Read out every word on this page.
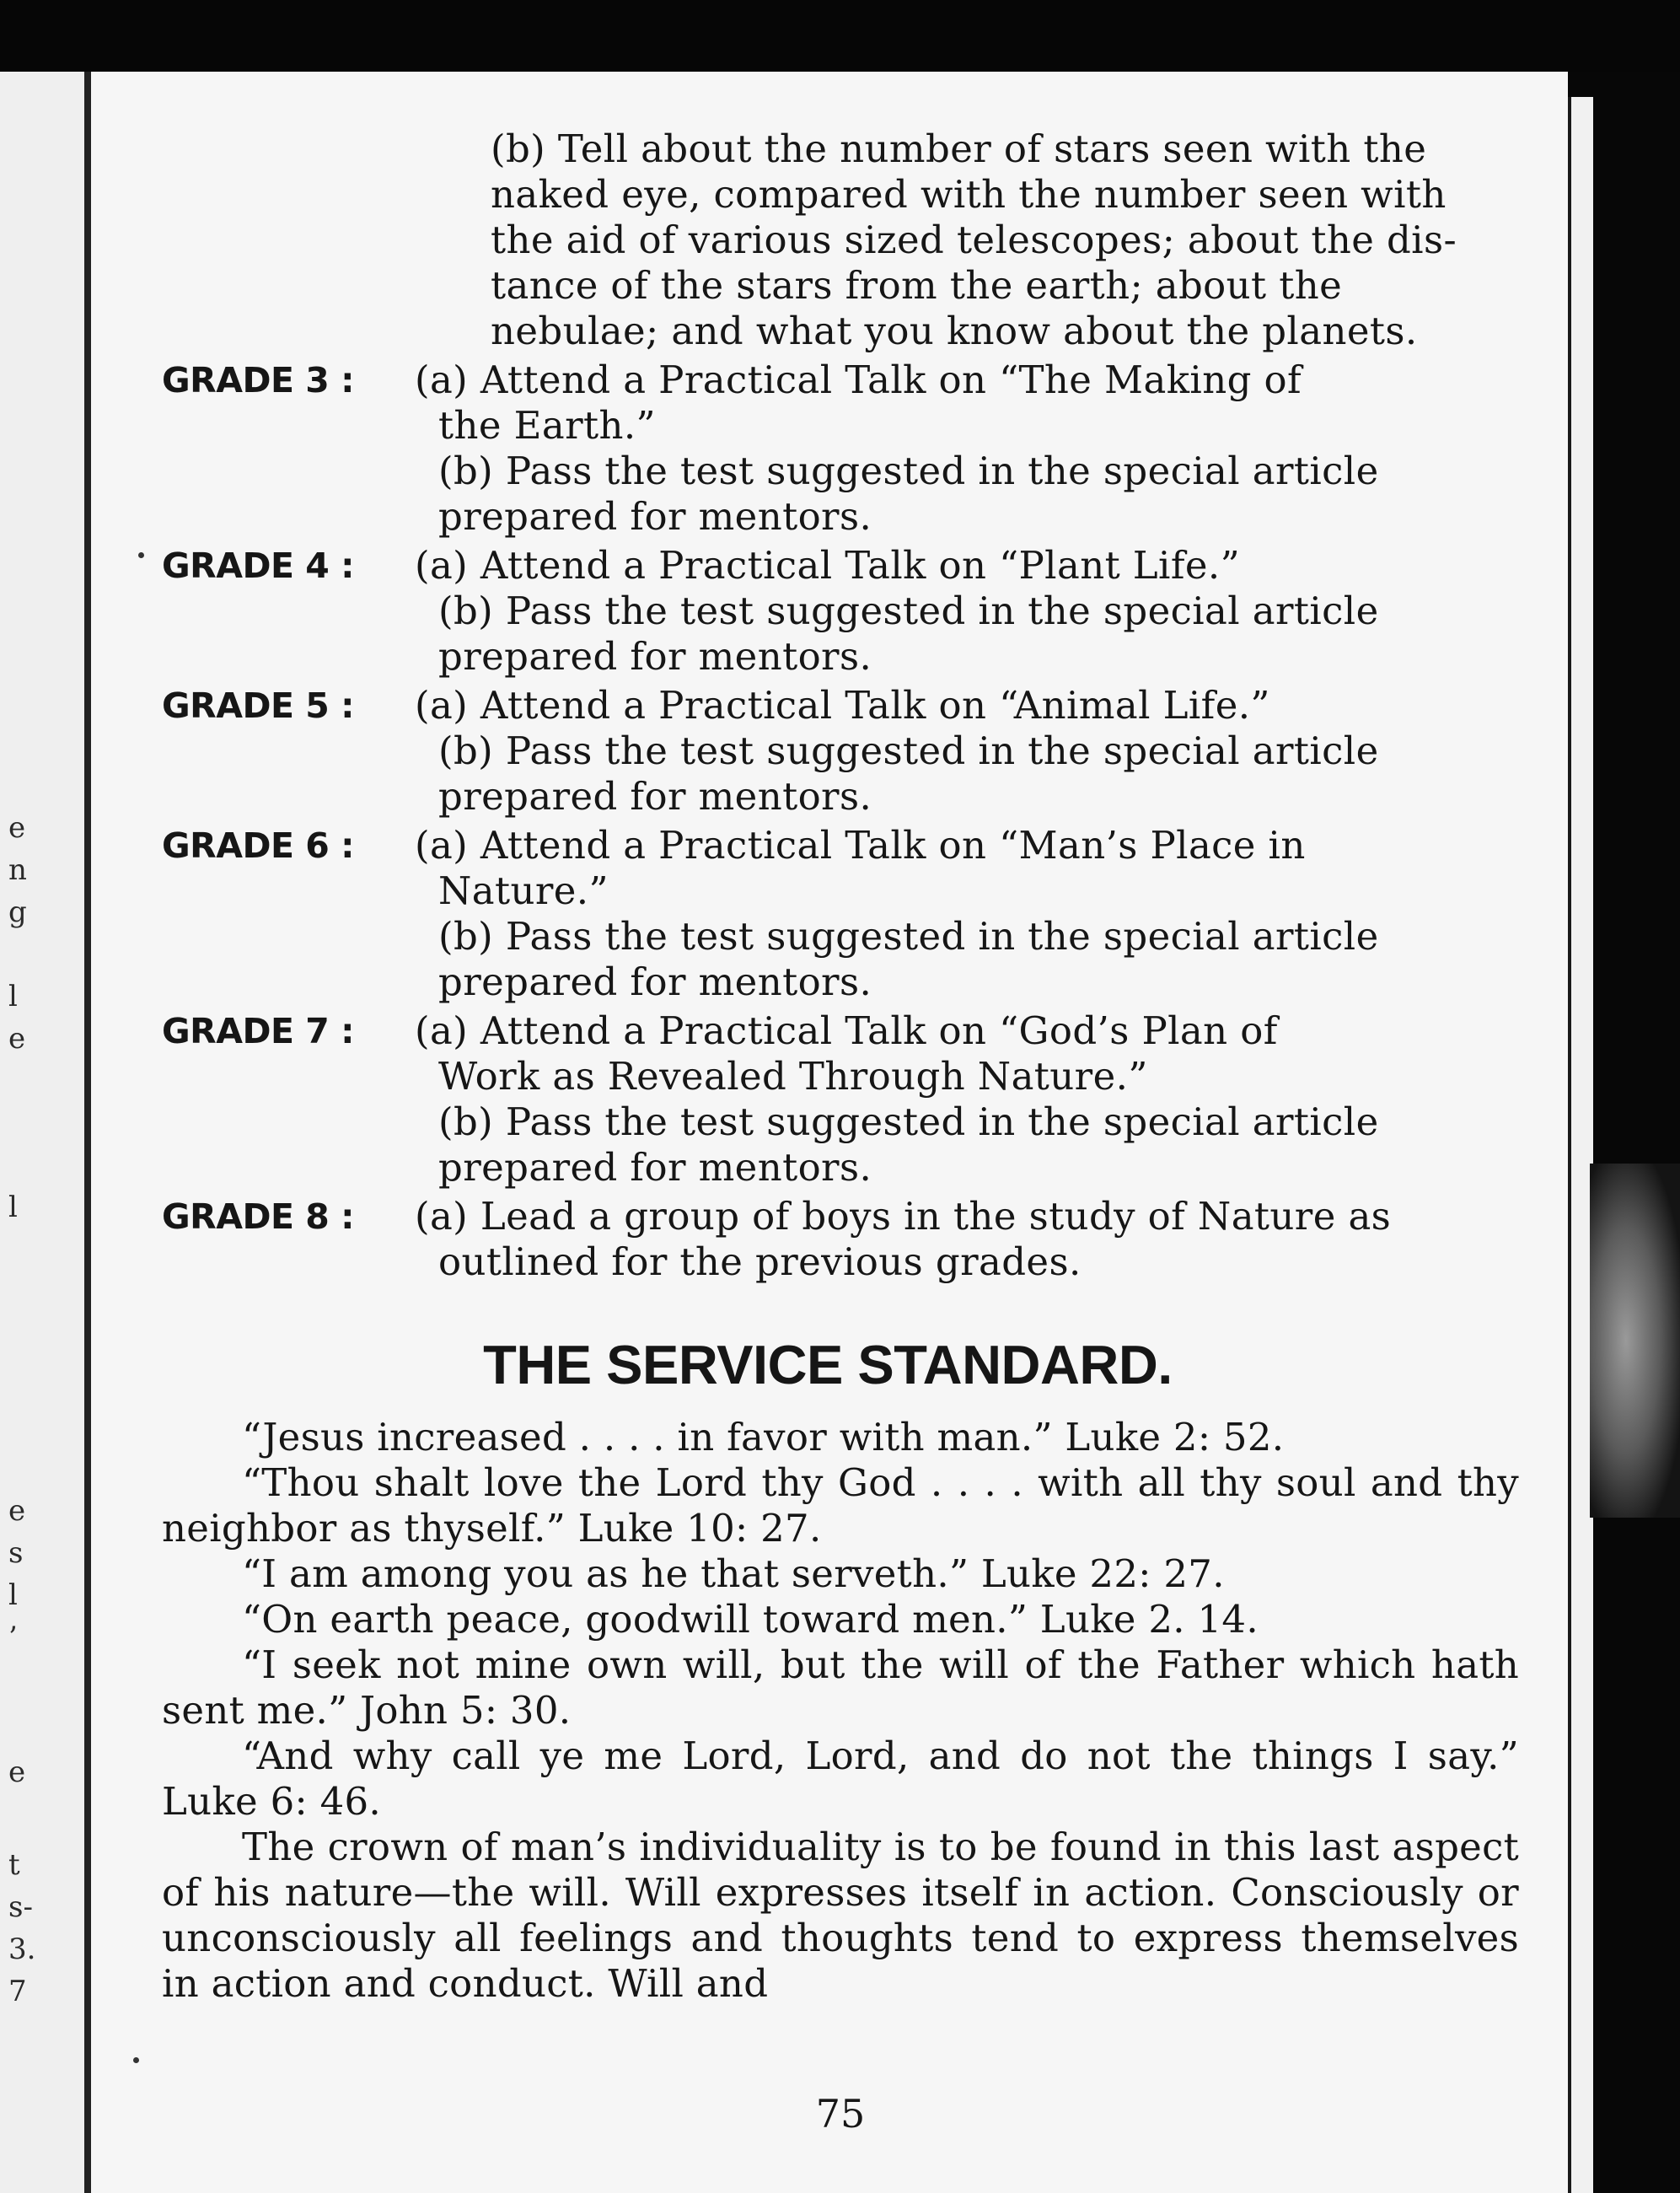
e
n
g
l
e
l
e
s
l
’
e
t
s-
3.
7
(b) Tell about the number of stars seen with the
naked eye, compared with the number seen with
the aid of various sized telescopes; about the dis-
tance of the stars from the earth; about the
nebulae; and what you know about the planets.
GRADE 3 :	(a) Attend a Practical Talk on “The Making of
the Earth.”
(b) Pass the test suggested in the special article
prepared for mentors.
GRADE 4 :	(a) Attend a Practical Talk on “Plant Life.”
(b) Pass the test suggested in the special article
prepared for mentors.
GRADE 5 :	(a) Attend a Practical Talk on “Animal Life.”
(b) Pass the test suggested in the special article
prepared for mentors.
GRADE 6 :	(a) Attend a Practical Talk on “Man’s Place in
Nature.”
(b) Pass the test suggested in the special article
prepared for mentors.
GRADE 7 :	(a) Attend a Practical Talk on “God’s Plan of
Work as Revealed Through Nature.”
(b) Pass the test suggested in the special article
prepared for mentors.
GRADE 8 :	(a) Lead a group of boys in the study of Nature as
outlined for the previous grades.
THE SERVICE STANDARD.
“Jesus increased . . . . in favor with man.” Luke 2: 52.
“Thou shalt love the Lord thy God . . . . with all thy soul and thy neighbor as thyself.” Luke 10: 27.
“I am among you as he that serveth.” Luke 22: 27.
“On earth peace, goodwill toward men.” Luke 2. 14.
“I seek not mine own will, but the will of the Father which hath sent me.” John 5: 30.
“And why call ye me Lord, Lord, and do not the things I say.” Luke 6: 46.
The crown of man’s individuality is to be found in this last aspect of his nature—the will. Will expresses itself in action. Consciously or unconsciously all feelings and thoughts tend to express themselves in action and conduct. Will and
75
